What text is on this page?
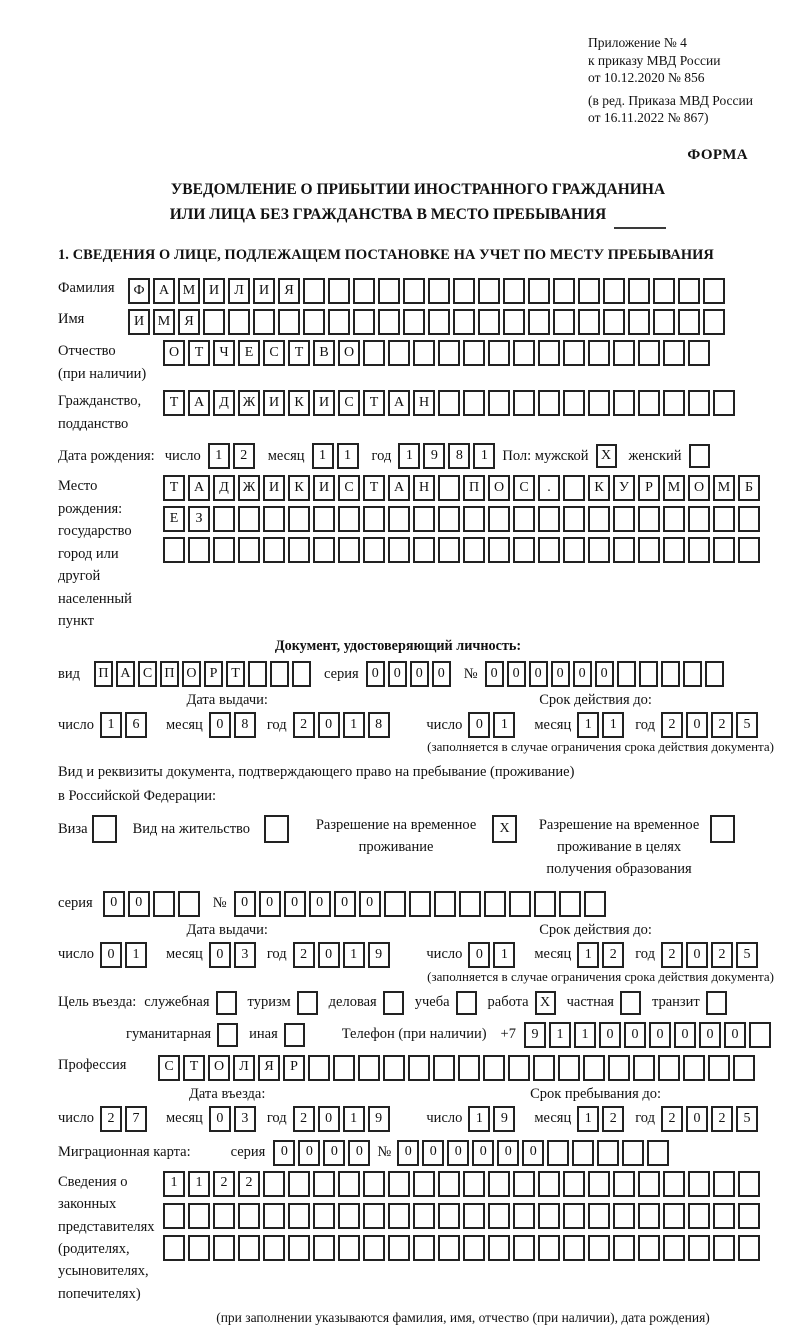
Приложение № 4
к приказу МВД России
от 10.12.2020 № 856
(в ред. Приказа МВД России
от 16.11.2022 № 867)
ФОРМА
УВЕДОМЛЕНИЕ О ПРИБЫТИИ ИНОСТРАННОГО ГРАЖДАНИНА
ИЛИ ЛИЦА БЕЗ ГРАЖДАНСТВА В МЕСТО ПРЕБЫВАНИЯ
1. СВЕДЕНИЯ О ЛИЦЕ, ПОДЛЕЖАЩЕМ ПОСТАНОВКЕ НА УЧЕТ ПО МЕСТУ ПРЕБЫВАНИЯ
Фамилия	Ф	А М И	Л	И	Я
Имя	И М	Я
Отчество
(при наличии)
О	Т	Ч	Е	С	Т	В	О
Гражданство,
подданство
Т	А	Д Ж И	К	И	С	Т	А	Н
Дата рождения: число	1	2	месяц	1	1	год	1	9	8	1	Пол: мужской X	женский
Место рождения:
государство
город или другой
населенный пункт
Т	А	Д Ж И	К	И	С	Т	А	Н	П	О	С	.	К	У	Р	М О М	Б
Е	З
Документ, удостоверяющий личность:
вид	П А С П О Р Т	серия 0	0	0	0	№ 0	0	0	0	0	0
Дата выдачи:
число 1	6	месяц 0	8	год 2	0	1	8
Срок действия до:
число 0	1	месяц 1	1	год 2	0	2	5
(заполняется в случае ограничения срока действия документа)
Вид и реквизиты документа, подтверждающего право на пребывание (проживание)
в Российской Федерации:
Виза	Вид на жительство	Разрешение на временное проживание
X	Разрешение на временное проживание в целях получения образования
серия	0	0	№	0	0	0	0	0	0
Дата выдачи:
число 0	1	месяц 0	3	год 2	0	1	9
Срок действия до:
число 0	1	месяц 1	2	год 2	0	2	5
(заполняется в случае ограничения срока действия документа)
Цель въезда: служебная	туризм	деловая	учеба	работа X	частная	транзит
гуманитарная	иная	Телефон (при наличии) +7	9	1	1	0	0	0	0	0	0
Профессия	С	Т	О	Л	Я	Р
Дата въезда:
число 2	7	месяц 0	3	год 2	0	1	9
Срок пребывания до:
число 1	9	месяц 1	2	год 2	0	2	5
Миграционная карта:	серия	0	0	0	0	№ 0	0	0	0	0	0
Сведения о
законных
представителях
(родителях,
усыновителях,
попечителях)
1	1	2	2
(при заполнении указываются фамилия, имя, отчество (при наличии), дата рождения)
